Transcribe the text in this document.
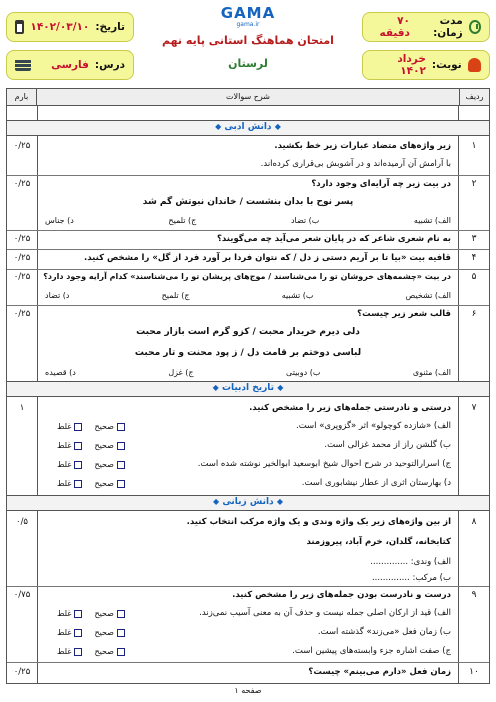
مدت زمان:
۷۰ دقیقه
نوبت:
خرداد ۱۴۰۲
تاریخ:
۱۴۰۲/۰۳/۱۰
درس:
فارسی
GAMA
gama.ir
امتحان هماهنگ استانی پایه نهم
لرستان
ردیف
شرح سوالات
بارم
◆ دانش ادبی ◆
۱
۰/۲۵	زیر واژه‌های متضاد عبارات زیر خط بکشید.
با آرامش آن آرمیده‌اند و در آشوبش بی‌قراری کرده‌اند.
۲
۰/۲۵	در بیت زیر چه آرایه‌ای وجود دارد؟
پسر نوح با بدان بنشست / خاندان نبوتش گم شد
الف) تشبیه
ب) تضاد
ج) تلمیح
د) جناس
۳
۰/۲۵	به نام شعری شاعر که در پایان شعر می‌آید چه می‌گویند؟
۴
۰/۲۵	قافیه بیت «بیا تا بر آریم دستی ز دل / که نتوان فردا بر آورد فرد از گل» را مشخص کنید.
۵
۰/۲۵	در بیت «چشمه‌های خروشان تو را می‌شناسند / موج‌های پریشان تو را می‌شناسند» کدام آرایه وجود دارد؟
الف) تشخیص
ب) تشبیه
ج) تلمیح
د) تضاد
۶
۰/۲۵	قالب شعر زیر چیست؟
دلی دیرم خریدار محبت / کزو گرم است بازار محبت
لباسی دوختم بر قامت دل / ز پود محنت و تار محبت
الف) مثنوی
ب) دوبیتی
ج) غزل
د) قصیده
◆ تاریخ ادبیات ◆
۷
۱	درستی و نادرستی جمله‌های زیر را مشخص کنید.
الف) «شازده کوچولو» اثر «گزوپری» است.
صحیح
غلط
ب) گلشن راز از محمد غزالی است.
صحیح
غلط
ج) اسرارالتوحید در شرح احوال شیخ ابوسعید ابوالخیر نوشته شده است.
صحیح
غلط
د) بهارستان اثری از عطار نیشابوری است.
صحیح
غلط
◆ دانش زبانی ◆
۸
۰/۵	از بین واژه‌های زیر یک واژه وندی و یک واژه مرکب انتخاب کنید.
کتابخانه، گلدان، خرم آباد، پیروزمند
الف) وندی: ..............
ب) مرکب: ..............
۹
۰/۷۵	درست و نادرست بودن جمله‌های زیر را مشخص کنید.
الف) قید از ارکان اصلی جمله نیست و حذف آن به معنی آسیب نمی‌زند.
صحیح
غلط
ب) زمان فعل «می‌زند» گذشته است.
صحیح
غلط
ج) صفت اشاره جزء وابسته‌های پیشین است.
صحیح
غلط
۱۰
۰/۲۵	زمان فعل «دارم می‌بینم» چیست؟
صفحه ۱
